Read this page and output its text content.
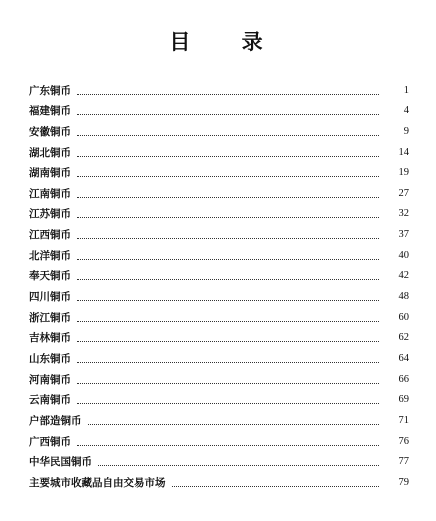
目 录
广东铜币	1
福建铜币	4
安徽铜币	9
湖北铜币	14
湖南铜币	19
江南铜币	27
江苏铜币	32
江西铜币	37
北洋铜币	40
奉天铜币	42
四川铜币	48
浙江铜币	60
吉林铜币	62
山东铜币	64
河南铜币	66
云南铜币	69
户部造铜币	71
广西铜币	76
中华民国铜币	77
主要城市收藏品自由交易市场	79
